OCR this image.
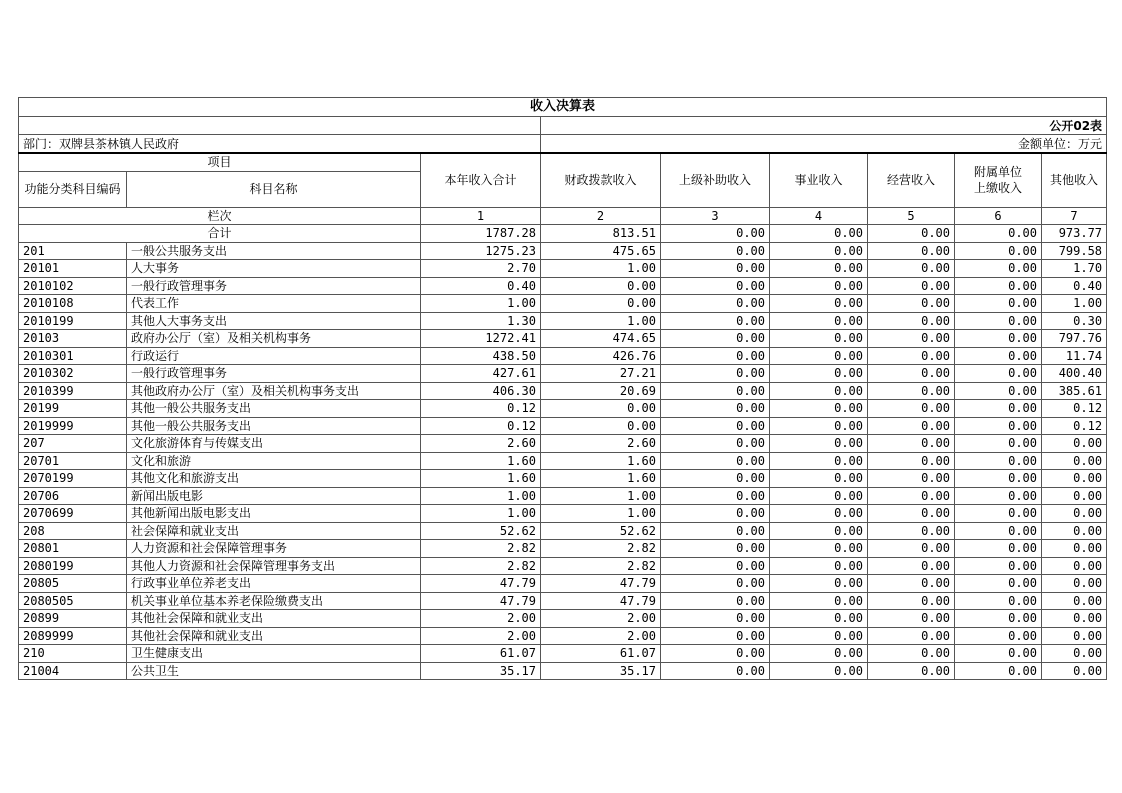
收入决算表								
			公开02表					
部门：双牌县茶林镇人民政府			金额单位：万元					
项目		本年收入合计	财政拨款收入	上级补助收入	事业收入	经营收入	附属单位上缴收入	其他收入
功能分类科目编码	科目名称							
栏次		1	2	3	4	5	6	7
合计		1787.28	813.51	0.00	0.00	0.00	0.00	973.77
201	一般公共服务支出	1275.23	475.65	0.00	0.00	0.00	0.00	799.58
20101	人大事务	2.70	1.00	0.00	0.00	0.00	0.00	1.70
2010102	一般行政管理事务	0.40	0.00	0.00	0.00	0.00	0.00	0.40
2010108	代表工作	1.00	0.00	0.00	0.00	0.00	0.00	1.00
2010199	其他人大事务支出	1.30	1.00	0.00	0.00	0.00	0.00	0.30
20103	政府办公厅（室）及相关机构事务	1272.41	474.65	0.00	0.00	0.00	0.00	797.76
2010301	行政运行	438.50	426.76	0.00	0.00	0.00	0.00	11.74
2010302	一般行政管理事务	427.61	27.21	0.00	0.00	0.00	0.00	400.40
2010399	其他政府办公厅（室）及相关机构事务支出	406.30	20.69	0.00	0.00	0.00	0.00	385.61
20199	其他一般公共服务支出	0.12	0.00	0.00	0.00	0.00	0.00	0.12
2019999	其他一般公共服务支出	0.12	0.00	0.00	0.00	0.00	0.00	0.12
207	文化旅游体育与传媒支出	2.60	2.60	0.00	0.00	0.00	0.00	0.00
20701	文化和旅游	1.60	1.60	0.00	0.00	0.00	0.00	0.00
2070199	其他文化和旅游支出	1.60	1.60	0.00	0.00	0.00	0.00	0.00
20706	新闻出版电影	1.00	1.00	0.00	0.00	0.00	0.00	0.00
2070699	其他新闻出版电影支出	1.00	1.00	0.00	0.00	0.00	0.00	0.00
208	社会保障和就业支出	52.62	52.62	0.00	0.00	0.00	0.00	0.00
20801	人力资源和社会保障管理事务	2.82	2.82	0.00	0.00	0.00	0.00	0.00
2080199	其他人力资源和社会保障管理事务支出	2.82	2.82	0.00	0.00	0.00	0.00	0.00
20805	行政事业单位养老支出	47.79	47.79	0.00	0.00	0.00	0.00	0.00
2080505	机关事业单位基本养老保险缴费支出	47.79	47.79	0.00	0.00	0.00	0.00	0.00
20899	其他社会保障和就业支出	2.00	2.00	0.00	0.00	0.00	0.00	0.00
2089999	其他社会保障和就业支出	2.00	2.00	0.00	0.00	0.00	0.00	0.00
210	卫生健康支出	61.07	61.07	0.00	0.00	0.00	0.00	0.00
21004	公共卫生	35.17	35.17	0.00	0.00	0.00	0.00	0.00
